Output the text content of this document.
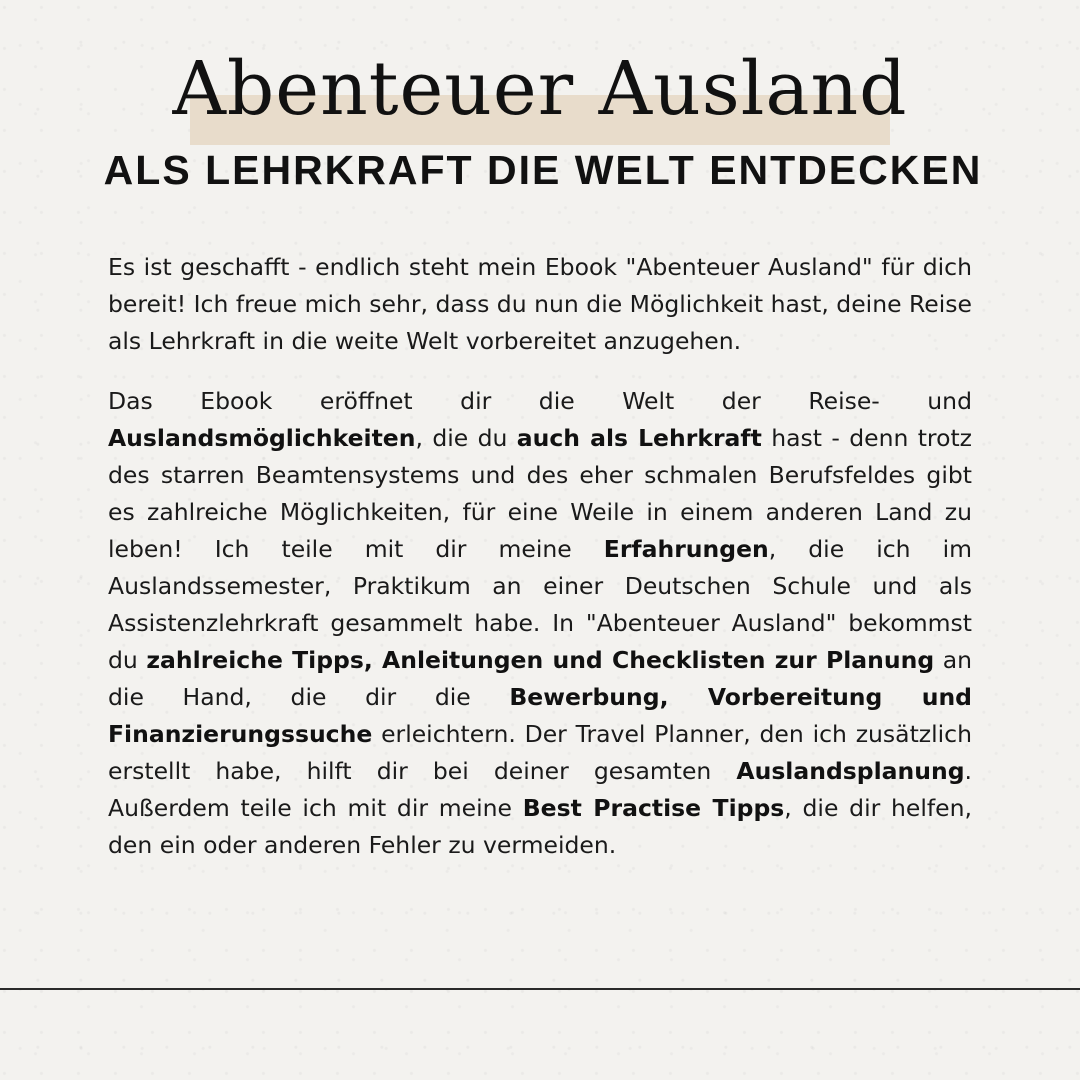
Abenteuer Ausland
ALS LEHRKRAFT DIE WELT ENTDECKEN

Es ist geschafft - endlich steht mein Ebook "Abenteuer Ausland" für dich bereit! Ich freue mich sehr, dass du nun die Möglichkeit hast, deine Reise als Lehrkraft in die weite Welt vorbereitet anzugehen.

Das Ebook eröffnet dir die Welt der Reise- und Auslandsmöglichkeiten, die du auch als Lehrkraft hast - denn trotz des starren Beamtensystems und des eher schmalen Berufsfeldes gibt es zahlreiche Möglichkeiten, für eine Weile in einem anderen Land zu leben! Ich teile mit dir meine Erfahrungen, die ich im Auslandssemester, Praktikum an einer Deutschen Schule und als Assistenzlehrkraft gesammelt habe. In "Abenteuer Ausland" bekommst du zahlreiche Tipps, Anleitungen und Checklisten zur Planung an die Hand, die dir die Bewerbung, Vorbereitung und Finanzierungssuche erleichtern. Der Travel Planner, den ich zusätzlich erstellt habe, hilft dir bei deiner gesamten Auslandsplanung. Außerdem teile ich mit dir meine Best Practise Tipps, die dir helfen, den ein oder anderen Fehler zu vermeiden.
